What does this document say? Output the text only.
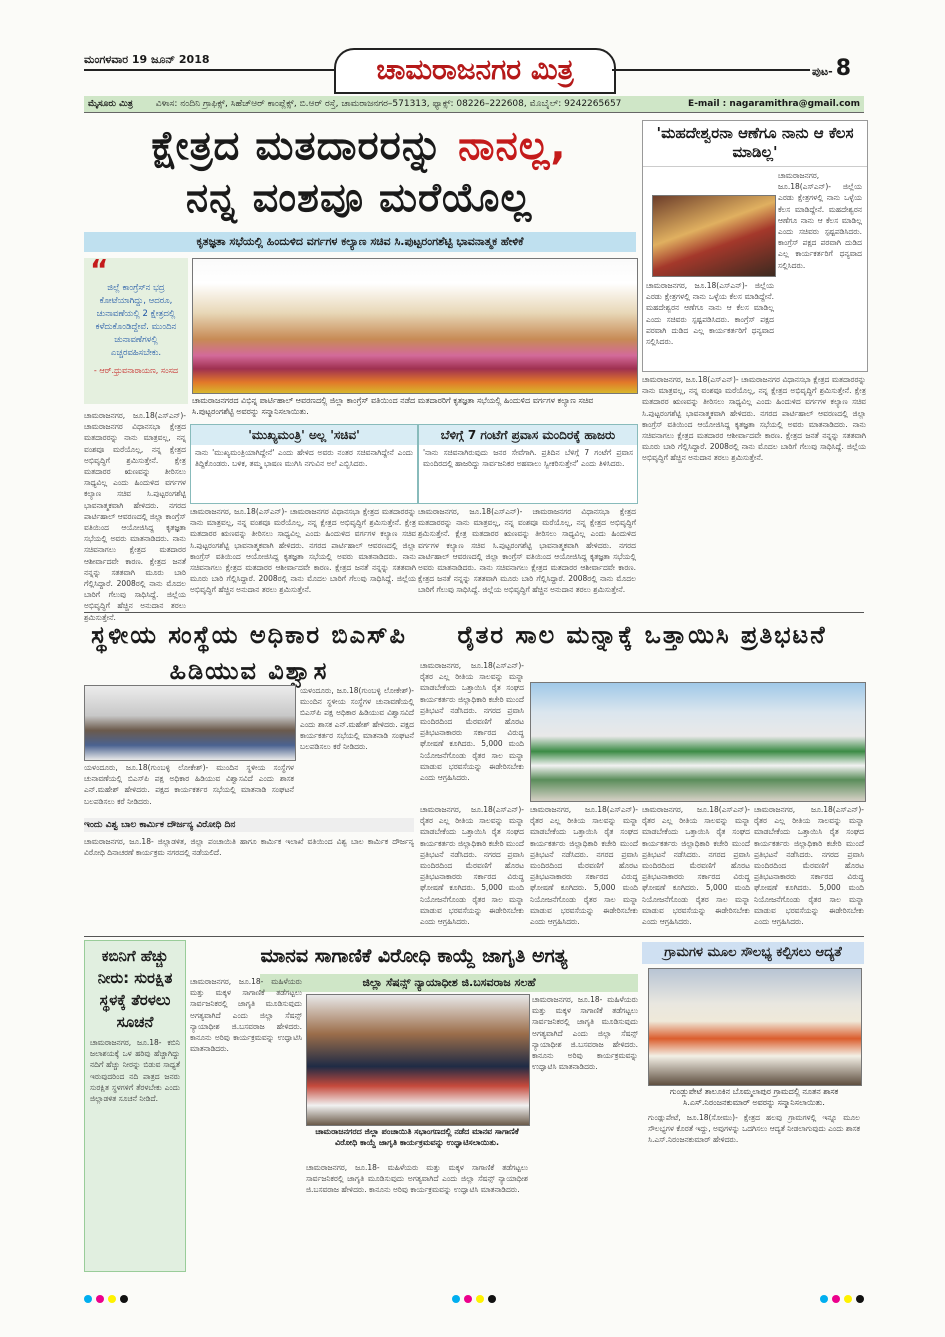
ಮಂಗಳವಾರ 19 ಜೂನ್ 2018	ಚಾಮರಾಜನಗರ ಮಿತ್ರ	ಪುಟ- 8
ಮೈಸೂರು ಮಿತ್ರ	ವಿಳಾಸ: ನಂದಿನಿ ಗ್ರಾಫಿಕ್ಸ್, ಸಿಹೆಚ್‌ಆರ್ ಕಾಂಪ್ಲೆಕ್ಸ್, ಬಿ.ಆರ್ ರಸ್ತೆ, ಚಾಮರಾಜನಗರ–571313, ಫ್ಯಾಕ್ಸ್: 08226–222608, ಮೊಬೈಲ್: 9242265657	E-mail : nagaramithra@gmail.com
ಕ್ಷೇತ್ರದ ಮತದಾರರನ್ನು ನಾನಲ್ಲ,
ನನ್ನ ವಂಶವೂ ಮರೆಯೊಲ್ಲ
ಕೃತಜ್ಞತಾ ಸಭೆಯಲ್ಲಿ ಹಿಂದುಳಿದ ವರ್ಗಗಳ ಕಲ್ಯಾಣ ಸಚಿವ ಸಿ.ಪುಟ್ಟರಂಗಶೆಟ್ಟಿ ಭಾವನಾತ್ಮಕ ಹೇಳಿಕೆ
“
ಜಿಲ್ಲೆ ಕಾಂಗ್ರೆಸ್‌ನ ಭದ್ರ ಕೋಟೆಯಾಗಿದ್ದು, ಆದರೂ, ಚುನಾವಣೆಯಲ್ಲಿ 2 ಕ್ಷೇತ್ರದಲ್ಲಿ ಕಳೆದುಕೊಂಡಿದ್ದೇವೆ. ಮುಂದಿನ ಚುನಾವಣೆಗಳಲ್ಲಿ ಎಚ್ಚರವಹಿಸಬೇಕು.
- ಆರ್.ಧ್ರುವನಾರಾಯಣ, ಸಂಸದ
ಚಾಮರಾಜನಗರದ ವಿಭಿನ್ನ ಪಾರ್ಟಿಹಾಲ್ ಆವರಣದಲ್ಲಿ ಜಿಲ್ಲಾ ಕಾಂಗ್ರೆಸ್ ವತಿಯಿಂದ ನಡೆದ ಮತದಾರರಿಗೆ ಕೃತಜ್ಞತಾ ಸಭೆಯಲ್ಲಿ ಹಿಂದುಳಿದ ವರ್ಗಗಳ ಕಲ್ಯಾಣ ಸಚಿವ ಸಿ.ಪುಟ್ಟರಂಗಶೆಟ್ಟಿ ಅವರನ್ನು ಸನ್ಮಾನಿಸಲಾಯಿತು.
ಚಾಮರಾಜನಗರ, ಜೂ.18(ಎಸ್‌ಎನ್)- ಚಾಮರಾಜನಗರ ವಿಧಾನಸಭಾ ಕ್ಷೇತ್ರದ ಮತದಾರರನ್ನು ನಾನು ಮಾತ್ರವಲ್ಲ, ನನ್ನ ವಂಶವೂ ಮರೆಯೊಲ್ಲ, ನನ್ನ ಕ್ಷೇತ್ರದ ಅಭಿವೃದ್ಧಿಗೆ ಶ್ರಮಿಸುತ್ತೇನೆ. ಕ್ಷೇತ್ರ ಮತದಾರರ ಋಣವನ್ನು ತೀರಿಸಲು ಸಾಧ್ಯವಿಲ್ಲ ಎಂದು ಹಿಂದುಳಿದ ವರ್ಗಗಳ ಕಲ್ಯಾಣ ಸಚಿವ ಸಿ.ಪುಟ್ಟರಂಗಶೆಟ್ಟಿ ಭಾವನಾತ್ಮಕವಾಗಿ ಹೇಳಿದರು. ನಗರದ ಪಾರ್ಟಿಹಾಲ್ ಆವರಣದಲ್ಲಿ ಜಿಲ್ಲಾ ಕಾಂಗ್ರೆಸ್ ವತಿಯಿಂದ ಆಯೋಜಿಸಿದ್ದ ಕೃತಜ್ಞತಾ ಸಭೆಯಲ್ಲಿ ಅವರು ಮಾತನಾಡಿದರು. ನಾನು ಸಚಿವನಾಗಲು ಕ್ಷೇತ್ರದ ಮತದಾರರ ಆಶೀರ್ವಾದವೇ ಕಾರಣ. ಕ್ಷೇತ್ರದ ಜನತೆ ನನ್ನನ್ನು ಸತತವಾಗಿ ಮೂರು ಬಾರಿ ಗೆಲ್ಲಿಸಿದ್ದಾರೆ. 2008ರಲ್ಲಿ ನಾನು ಮೊದಲ ಬಾರಿಗೆ ಗೆಲುವು ಸಾಧಿಸಿದ್ದೆ. ಜಿಲ್ಲೆಯ ಅಭಿವೃದ್ಧಿಗೆ ಹೆಚ್ಚಿನ ಅನುದಾನ ತರಲು ಶ್ರಮಿಸುತ್ತೇನೆ.
'ಮುಖ್ಯಮಂತ್ರಿ' ಅಲ್ಲ 'ಸಚಿವ'
ನಾನು 'ಮುಖ್ಯಮಂತ್ರಿಯಾಗಿದ್ದೇನೆ' ಎಂದು ಹೇಳಿದ ಅವರು ನಂತರ ಸಚಿವನಾಗಿದ್ದೇನೆ ಎಂದು ತಿದ್ದಿಕೊಂಡರು. ಬಳಿಕ, ತಮ್ಮ ಭಾಷಣ ಮುಗಿಸಿ ನಗುವಿನ ಅಲೆ ಎಬ್ಬಿಸಿದರು.
ಬೆಳಿಗ್ಗೆ 7 ಗಂಟೆಗೆ ಪ್ರವಾಸ ಮಂದಿರಕ್ಕೆ ಹಾಜರು
'ನಾನು ಸಚಿವನಾಗಿರುವುದು ಜನರ ಸೇವೆಗಾಗಿ. ಪ್ರತಿದಿನ ಬೆಳಿಗ್ಗೆ 7 ಗಂಟೆಗೆ ಪ್ರವಾಸ ಮಂದಿರದಲ್ಲಿ ಹಾಜರಿದ್ದು ಸಾರ್ವಜನಿಕರ ಅಹವಾಲು ಸ್ವೀಕರಿಸುತ್ತೇನೆ' ಎಂದು ತಿಳಿಸಿದರು.
ಚಾಮರಾಜನಗರ, ಜೂ.18(ಎಸ್‌ಎನ್)- ಚಾಮರಾಜನಗರ ವಿಧಾನಸಭಾ ಕ್ಷೇತ್ರದ ಮತದಾರರನ್ನು ನಾನು ಮಾತ್ರವಲ್ಲ, ನನ್ನ ವಂಶವೂ ಮರೆಯೊಲ್ಲ, ನನ್ನ ಕ್ಷೇತ್ರದ ಅಭಿವೃದ್ಧಿಗೆ ಶ್ರಮಿಸುತ್ತೇನೆ. ಕ್ಷೇತ್ರ ಮತದಾರರ ಋಣವನ್ನು ತೀರಿಸಲು ಸಾಧ್ಯವಿಲ್ಲ ಎಂದು ಹಿಂದುಳಿದ ವರ್ಗಗಳ ಕಲ್ಯಾಣ ಸಚಿವ ಸಿ.ಪುಟ್ಟರಂಗಶೆಟ್ಟಿ ಭಾವನಾತ್ಮಕವಾಗಿ ಹೇಳಿದರು. ನಗರದ ಪಾರ್ಟಿಹಾಲ್ ಆವರಣದಲ್ಲಿ ಜಿಲ್ಲಾ ಕಾಂಗ್ರೆಸ್ ವತಿಯಿಂದ ಆಯೋಜಿಸಿದ್ದ ಕೃತಜ್ಞತಾ ಸಭೆಯಲ್ಲಿ ಅವರು ಮಾತನಾಡಿದರು. ನಾನು ಸಚಿವನಾಗಲು ಕ್ಷೇತ್ರದ ಮತದಾರರ ಆಶೀರ್ವಾದವೇ ಕಾರಣ. ಕ್ಷೇತ್ರದ ಜನತೆ ನನ್ನನ್ನು ಸತತವಾಗಿ ಮೂರು ಬಾರಿ ಗೆಲ್ಲಿಸಿದ್ದಾರೆ. 2008ರಲ್ಲಿ ನಾನು ಮೊದಲ ಬಾರಿಗೆ ಗೆಲುವು ಸಾಧಿಸಿದ್ದೆ. ಜಿಲ್ಲೆಯ ಅಭಿವೃದ್ಧಿಗೆ ಹೆಚ್ಚಿನ ಅನುದಾನ ತರಲು ಶ್ರಮಿಸುತ್ತೇನೆ.
ಚಾಮರಾಜನಗರ, ಜೂ.18(ಎಸ್‌ಎನ್)- ಚಾಮರಾಜನಗರ ವಿಧಾನಸಭಾ ಕ್ಷೇತ್ರದ ಮತದಾರರನ್ನು ನಾನು ಮಾತ್ರವಲ್ಲ, ನನ್ನ ವಂಶವೂ ಮರೆಯೊಲ್ಲ, ನನ್ನ ಕ್ಷೇತ್ರದ ಅಭಿವೃದ್ಧಿಗೆ ಶ್ರಮಿಸುತ್ತೇನೆ. ಕ್ಷೇತ್ರ ಮತದಾರರ ಋಣವನ್ನು ತೀರಿಸಲು ಸಾಧ್ಯವಿಲ್ಲ ಎಂದು ಹಿಂದುಳಿದ ವರ್ಗಗಳ ಕಲ್ಯಾಣ ಸಚಿವ ಸಿ.ಪುಟ್ಟರಂಗಶೆಟ್ಟಿ ಭಾವನಾತ್ಮಕವಾಗಿ ಹೇಳಿದರು. ನಗರದ ಪಾರ್ಟಿಹಾಲ್ ಆವರಣದಲ್ಲಿ ಜಿಲ್ಲಾ ಕಾಂಗ್ರೆಸ್ ವತಿಯಿಂದ ಆಯೋಜಿಸಿದ್ದ ಕೃತಜ್ಞತಾ ಸಭೆಯಲ್ಲಿ ಅವರು ಮಾತನಾಡಿದರು. ನಾನು ಸಚಿವನಾಗಲು ಕ್ಷೇತ್ರದ ಮತದಾರರ ಆಶೀರ್ವಾದವೇ ಕಾರಣ. ಕ್ಷೇತ್ರದ ಜನತೆ ನನ್ನನ್ನು ಸತತವಾಗಿ ಮೂರು ಬಾರಿ ಗೆಲ್ಲಿಸಿದ್ದಾರೆ. 2008ರಲ್ಲಿ ನಾನು ಮೊದಲ ಬಾರಿಗೆ ಗೆಲುವು ಸಾಧಿಸಿದ್ದೆ. ಜಿಲ್ಲೆಯ ಅಭಿವೃದ್ಧಿಗೆ ಹೆಚ್ಚಿನ ಅನುದಾನ ತರಲು ಶ್ರಮಿಸುತ್ತೇನೆ.
'ಮಹದೇಶ್ವರನಾ ಆಣೆಗೂ ನಾನು ಆ ಕೆಲಸ ಮಾಡಿಲ್ಲ'
ಚಾಮರಾಜನಗರ, ಜೂ.18(ಎಸ್‌ಎನ್)- ಜಿಲ್ಲೆಯ ಎರಡು ಕ್ಷೇತ್ರಗಳಲ್ಲಿ ನಾನು ಒಳ್ಳೆಯ ಕೆಲಸ ಮಾಡಿದ್ದೇನೆ. ಮಹದೇಶ್ವರನ ಆಣೆಗೂ ನಾನು ಆ ಕೆಲಸ ಮಾಡಿಲ್ಲ ಎಂದು ಸಚಿವರು ಸ್ಪಷ್ಟಪಡಿಸಿದರು. ಕಾಂಗ್ರೆಸ್ ಪಕ್ಷದ ಪರವಾಗಿ ದುಡಿದ ಎಲ್ಲ ಕಾರ್ಯಕರ್ತರಿಗೆ ಧನ್ಯವಾದ ಸಲ್ಲಿಸಿದರು.
ಚಾಮರಾಜನಗರ, ಜೂ.18(ಎಸ್‌ಎನ್)- ಜಿಲ್ಲೆಯ ಎರಡು ಕ್ಷೇತ್ರಗಳಲ್ಲಿ ನಾನು ಒಳ್ಳೆಯ ಕೆಲಸ ಮಾಡಿದ್ದೇನೆ. ಮಹದೇಶ್ವರನ ಆಣೆಗೂ ನಾನು ಆ ಕೆಲಸ ಮಾಡಿಲ್ಲ ಎಂದು ಸಚಿವರು ಸ್ಪಷ್ಟಪಡಿಸಿದರು. ಕಾಂಗ್ರೆಸ್ ಪಕ್ಷದ ಪರವಾಗಿ ದುಡಿದ ಎಲ್ಲ ಕಾರ್ಯಕರ್ತರಿಗೆ ಧನ್ಯವಾದ ಸಲ್ಲಿಸಿದರು.
ಚಾಮರಾಜನಗರ, ಜೂ.18(ಎಸ್‌ಎನ್)- ಚಾಮರಾಜನಗರ ವಿಧಾನಸಭಾ ಕ್ಷೇತ್ರದ ಮತದಾರರನ್ನು ನಾನು ಮಾತ್ರವಲ್ಲ, ನನ್ನ ವಂಶವೂ ಮರೆಯೊಲ್ಲ, ನನ್ನ ಕ್ಷೇತ್ರದ ಅಭಿವೃದ್ಧಿಗೆ ಶ್ರಮಿಸುತ್ತೇನೆ. ಕ್ಷೇತ್ರ ಮತದಾರರ ಋಣವನ್ನು ತೀರಿಸಲು ಸಾಧ್ಯವಿಲ್ಲ ಎಂದು ಹಿಂದುಳಿದ ವರ್ಗಗಳ ಕಲ್ಯಾಣ ಸಚಿವ ಸಿ.ಪುಟ್ಟರಂಗಶೆಟ್ಟಿ ಭಾವನಾತ್ಮಕವಾಗಿ ಹೇಳಿದರು. ನಗರದ ಪಾರ್ಟಿಹಾಲ್ ಆವರಣದಲ್ಲಿ ಜಿಲ್ಲಾ ಕಾಂಗ್ರೆಸ್ ವತಿಯಿಂದ ಆಯೋಜಿಸಿದ್ದ ಕೃತಜ್ಞತಾ ಸಭೆಯಲ್ಲಿ ಅವರು ಮಾತನಾಡಿದರು. ನಾನು ಸಚಿವನಾಗಲು ಕ್ಷೇತ್ರದ ಮತದಾರರ ಆಶೀರ್ವಾದವೇ ಕಾರಣ. ಕ್ಷೇತ್ರದ ಜನತೆ ನನ್ನನ್ನು ಸತತವಾಗಿ ಮೂರು ಬಾರಿ ಗೆಲ್ಲಿಸಿದ್ದಾರೆ. 2008ರಲ್ಲಿ ನಾನು ಮೊದಲ ಬಾರಿಗೆ ಗೆಲುವು ಸಾಧಿಸಿದ್ದೆ. ಜಿಲ್ಲೆಯ ಅಭಿವೃದ್ಧಿಗೆ ಹೆಚ್ಚಿನ ಅನುದಾನ ತರಲು ಶ್ರಮಿಸುತ್ತೇನೆ.
ಸ್ಥಳೀಯ ಸಂಸ್ಥೆಯ ಅಧಿಕಾರ ಬಿಎಸ್‌ಪಿ ಹಿಡಿಯುವ ವಿಶ್ವಾಸ
ಯಳಂದೂರು, ಜೂ.18(ಗುಂಬಳ್ಳಿ ಲೋಕೇಶ್)- ಮುಂದಿನ ಸ್ಥಳೀಯ ಸಂಸ್ಥೆಗಳ ಚುನಾವಣೆಯಲ್ಲಿ ಬಿಎಸ್‌ಪಿ ಪಕ್ಷ ಅಧಿಕಾರ ಹಿಡಿಯುವ ವಿಶ್ವಾಸವಿದೆ ಎಂದು ಶಾಸಕ ಎನ್.ಮಹೇಶ್ ಹೇಳಿದರು. ಪಕ್ಷದ ಕಾರ್ಯಕರ್ತರ ಸಭೆಯಲ್ಲಿ ಮಾತನಾಡಿ ಸಂಘಟನೆ ಬಲಪಡಿಸಲು ಕರೆ ನೀಡಿದರು.
ಯಳಂದೂರು, ಜೂ.18(ಗುಂಬಳ್ಳಿ ಲೋಕೇಶ್)- ಮುಂದಿನ ಸ್ಥಳೀಯ ಸಂಸ್ಥೆಗಳ ಚುನಾವಣೆಯಲ್ಲಿ ಬಿಎಸ್‌ಪಿ ಪಕ್ಷ ಅಧಿಕಾರ ಹಿಡಿಯುವ ವಿಶ್ವಾಸವಿದೆ ಎಂದು ಶಾಸಕ ಎನ್.ಮಹೇಶ್ ಹೇಳಿದರು. ಪಕ್ಷದ ಕಾರ್ಯಕರ್ತರ ಸಭೆಯಲ್ಲಿ ಮಾತನಾಡಿ ಸಂಘಟನೆ ಬಲಪಡಿಸಲು ಕರೆ ನೀಡಿದರು.
ಇಂದು ವಿಶ್ವ ಬಾಲ ಕಾರ್ಮಿಕ ದೌರ್ಜನ್ಯ ವಿರೋಧಿ ದಿನ
ಚಾಮರಾಜನಗರ, ಜೂ.18- ಜಿಲ್ಲಾಡಳಿತ, ಜಿಲ್ಲಾ ಪಂಚಾಯಿತಿ ಹಾಗೂ ಕಾರ್ಮಿಕ ಇಲಾಖೆ ವತಿಯಿಂದ ವಿಶ್ವ ಬಾಲ ಕಾರ್ಮಿಕ ದೌರ್ಜನ್ಯ ವಿರೋಧಿ ದಿನಾಚರಣೆ ಕಾರ್ಯಕ್ರಮ ನಗರದಲ್ಲಿ ನಡೆಯಲಿದೆ.
ರೈತರ ಸಾಲ ಮನ್ನಾಕ್ಕೆ ಒತ್ತಾಯಿಸಿ ಪ್ರತಿಭಟನೆ
ಚಾಮರಾಜನಗರ, ಜೂ.18(ಎಸ್‌ಎನ್)- ರೈತರ ಎಲ್ಲ ರೀತಿಯ ಸಾಲವನ್ನು ಮನ್ನಾ ಮಾಡಬೇಕೆಂದು ಒತ್ತಾಯಿಸಿ ರೈತ ಸಂಘದ ಕಾರ್ಯಕರ್ತರು ಜಿಲ್ಲಾಧಿಕಾರಿ ಕಚೇರಿ ಮುಂದೆ ಪ್ರತಿಭಟನೆ ನಡೆಸಿದರು. ನಗರದ ಪ್ರವಾಸಿ ಮಂದಿರದಿಂದ ಮೆರವಣಿಗೆ ಹೊರಟ ಪ್ರತಿಭಟನಾಕಾರರು ಸರ್ಕಾರದ ವಿರುದ್ಧ ಘೋಷಣೆ ಕೂಗಿದರು. 5,000 ಮಂದಿ ನಿಯೋಜನೆಗೊಂಡು ರೈತರ ಸಾಲ ಮನ್ನಾ ಮಾಡುವ ಭರವಸೆಯನ್ನು ಈಡೇರಿಸಬೇಕು ಎಂದು ಆಗ್ರಹಿಸಿದರು.
ಚಾಮರಾಜನಗರ, ಜೂ.18(ಎಸ್‌ಎನ್)- ರೈತರ ಎಲ್ಲ ರೀತಿಯ ಸಾಲವನ್ನು ಮನ್ನಾ ಮಾಡಬೇಕೆಂದು ಒತ್ತಾಯಿಸಿ ರೈತ ಸಂಘದ ಕಾರ್ಯಕರ್ತರು ಜಿಲ್ಲಾಧಿಕಾರಿ ಕಚೇರಿ ಮುಂದೆ ಪ್ರತಿಭಟನೆ ನಡೆಸಿದರು. ನಗರದ ಪ್ರವಾಸಿ ಮಂದಿರದಿಂದ ಮೆರವಣಿಗೆ ಹೊರಟ ಪ್ರತಿಭಟನಾಕಾರರು ಸರ್ಕಾರದ ವಿರುದ್ಧ ಘೋಷಣೆ ಕೂಗಿದರು. 5,000 ಮಂದಿ ನಿಯೋಜನೆಗೊಂಡು ರೈತರ ಸಾಲ ಮನ್ನಾ ಮಾಡುವ ಭರವಸೆಯನ್ನು ಈಡೇರಿಸಬೇಕು ಎಂದು ಆಗ್ರಹಿಸಿದರು.
ಚಾಮರಾಜನಗರ, ಜೂ.18(ಎಸ್‌ಎನ್)- ರೈತರ ಎಲ್ಲ ರೀತಿಯ ಸಾಲವನ್ನು ಮನ್ನಾ ಮಾಡಬೇಕೆಂದು ಒತ್ತಾಯಿಸಿ ರೈತ ಸಂಘದ ಕಾರ್ಯಕರ್ತರು ಜಿಲ್ಲಾಧಿಕಾರಿ ಕಚೇರಿ ಮುಂದೆ ಪ್ರತಿಭಟನೆ ನಡೆಸಿದರು. ನಗರದ ಪ್ರವಾಸಿ ಮಂದಿರದಿಂದ ಮೆರವಣಿಗೆ ಹೊರಟ ಪ್ರತಿಭಟನಾಕಾರರು ಸರ್ಕಾರದ ವಿರುದ್ಧ ಘೋಷಣೆ ಕೂಗಿದರು. 5,000 ಮಂದಿ ನಿಯೋಜನೆಗೊಂಡು ರೈತರ ಸಾಲ ಮನ್ನಾ ಮಾಡುವ ಭರವಸೆಯನ್ನು ಈಡೇರಿಸಬೇಕು ಎಂದು ಆಗ್ರಹಿಸಿದರು.
ಚಾಮರಾಜನಗರ, ಜೂ.18(ಎಸ್‌ಎನ್)- ರೈತರ ಎಲ್ಲ ರೀತಿಯ ಸಾಲವನ್ನು ಮನ್ನಾ ಮಾಡಬೇಕೆಂದು ಒತ್ತಾಯಿಸಿ ರೈತ ಸಂಘದ ಕಾರ್ಯಕರ್ತರು ಜಿಲ್ಲಾಧಿಕಾರಿ ಕಚೇರಿ ಮುಂದೆ ಪ್ರತಿಭಟನೆ ನಡೆಸಿದರು. ನಗರದ ಪ್ರವಾಸಿ ಮಂದಿರದಿಂದ ಮೆರವಣಿಗೆ ಹೊರಟ ಪ್ರತಿಭಟನಾಕಾರರು ಸರ್ಕಾರದ ವಿರುದ್ಧ ಘೋಷಣೆ ಕೂಗಿದರು. 5,000 ಮಂದಿ ನಿಯೋಜನೆಗೊಂಡು ರೈತರ ಸಾಲ ಮನ್ನಾ ಮಾಡುವ ಭರವಸೆಯನ್ನು ಈಡೇರಿಸಬೇಕು ಎಂದು ಆಗ್ರಹಿಸಿದರು.
ಚಾಮರಾಜನಗರ, ಜೂ.18(ಎಸ್‌ಎನ್)- ರೈತರ ಎಲ್ಲ ರೀತಿಯ ಸಾಲವನ್ನು ಮನ್ನಾ ಮಾಡಬೇಕೆಂದು ಒತ್ತಾಯಿಸಿ ರೈತ ಸಂಘದ ಕಾರ್ಯಕರ್ತರು ಜಿಲ್ಲಾಧಿಕಾರಿ ಕಚೇರಿ ಮುಂದೆ ಪ್ರತಿಭಟನೆ ನಡೆಸಿದರು. ನಗರದ ಪ್ರವಾಸಿ ಮಂದಿರದಿಂದ ಮೆರವಣಿಗೆ ಹೊರಟ ಪ್ರತಿಭಟನಾಕಾರರು ಸರ್ಕಾರದ ವಿರುದ್ಧ ಘೋಷಣೆ ಕೂಗಿದರು. 5,000 ಮಂದಿ ನಿಯೋಜನೆಗೊಂಡು ರೈತರ ಸಾಲ ಮನ್ನಾ ಮಾಡುವ ಭರವಸೆಯನ್ನು ಈಡೇರಿಸಬೇಕು ಎಂದು ಆಗ್ರಹಿಸಿದರು.
ಕಬಿನಿಗೆ ಹೆಚ್ಚು ನೀರು: ಸುರಕ್ಷಿತ ಸ್ಥಳಕ್ಕೆ ತೆರಳಲು ಸೂಚನೆ
ಚಾಮರಾಜನಗರ, ಜೂ.18- ಕಬಿನಿ ಜಲಾಶಯಕ್ಕೆ ಒಳ ಹರಿವು ಹೆಚ್ಚಾಗಿದ್ದು ನದಿಗೆ ಹೆಚ್ಚು ನೀರನ್ನು ಬಿಡುವ ಸಾಧ್ಯತೆ ಇರುವುದರಿಂದ ನದಿ ಪಾತ್ರದ ಜನರು ಸುರಕ್ಷಿತ ಸ್ಥಳಗಳಿಗೆ ತೆರಳಬೇಕು ಎಂದು ಜಿಲ್ಲಾಡಳಿತ ಸೂಚನೆ ನೀಡಿದೆ.
ಮಾನವ ಸಾಗಾಣಿಕೆ ವಿರೋಧಿ ಕಾಯ್ದೆ ಜಾಗೃತಿ ಅಗತ್ಯ
ಜಿಲ್ಲಾ ಸೆಷನ್ಸ್ ನ್ಯಾಯಾಧೀಶ ಜಿ.ಬಸವರಾಜ ಸಲಹೆ
ಚಾಮರಾಜನಗರ, ಜೂ.18- ಮಹಿಳೆಯರು ಮತ್ತು ಮಕ್ಕಳ ಸಾಗಾಣಿಕೆ ತಡೆಗಟ್ಟಲು ಸಾರ್ವಜನಿಕರಲ್ಲಿ ಜಾಗೃತಿ ಮೂಡಿಸುವುದು ಅಗತ್ಯವಾಗಿದೆ ಎಂದು ಜಿಲ್ಲಾ ಸೆಷನ್ಸ್ ನ್ಯಾಯಾಧೀಶ ಜಿ.ಬಸವರಾಜ ಹೇಳಿದರು. ಕಾನೂನು ಅರಿವು ಕಾರ್ಯಕ್ರಮವನ್ನು ಉದ್ಘಾಟಿಸಿ ಮಾತನಾಡಿದರು.
ಚಾಮರಾಜನಗರದ ಜಿಲ್ಲಾ ಪಂಚಾಯಿತಿ ಸಭಾಂಗಣದಲ್ಲಿ ನಡೆದ ಮಾನವ ಸಾಗಾಣಿಕೆ ವಿರೋಧಿ ಕಾಯ್ದೆ ಜಾಗೃತಿ ಕಾರ್ಯಕ್ರಮವನ್ನು ಉದ್ಘಾಟಿಸಲಾಯಿತು.
ಚಾಮರಾಜನಗರ, ಜೂ.18- ಮಹಿಳೆಯರು ಮತ್ತು ಮಕ್ಕಳ ಸಾಗಾಣಿಕೆ ತಡೆಗಟ್ಟಲು ಸಾರ್ವಜನಿಕರಲ್ಲಿ ಜಾಗೃತಿ ಮೂಡಿಸುವುದು ಅಗತ್ಯವಾಗಿದೆ ಎಂದು ಜಿಲ್ಲಾ ಸೆಷನ್ಸ್ ನ್ಯಾಯಾಧೀಶ ಜಿ.ಬಸವರಾಜ ಹೇಳಿದರು. ಕಾನೂನು ಅರಿವು ಕಾರ್ಯಕ್ರಮವನ್ನು ಉದ್ಘಾಟಿಸಿ ಮಾತನಾಡಿದರು.
ಚಾಮರಾಜನಗರ, ಜೂ.18- ಮಹಿಳೆಯರು ಮತ್ತು ಮಕ್ಕಳ ಸಾಗಾಣಿಕೆ ತಡೆಗಟ್ಟಲು ಸಾರ್ವಜನಿಕರಲ್ಲಿ ಜಾಗೃತಿ ಮೂಡಿಸುವುದು ಅಗತ್ಯವಾಗಿದೆ ಎಂದು ಜಿಲ್ಲಾ ಸೆಷನ್ಸ್ ನ್ಯಾಯಾಧೀಶ ಜಿ.ಬಸವರಾಜ ಹೇಳಿದರು. ಕಾನೂನು ಅರಿವು ಕಾರ್ಯಕ್ರಮವನ್ನು ಉದ್ಘಾಟಿಸಿ ಮಾತನಾಡಿದರು.
ಗ್ರಾಮಗಳ ಮೂಲ ಸೌಲಭ್ಯ ಕಲ್ಪಿಸಲು ಆದ್ಯತೆ
ಗುಂಡ್ಲುಪೇಟೆ ತಾಲೂಕಿನ ಬೊಮ್ಮಲಾಪುರ ಗ್ರಾಮದಲ್ಲಿ ನೂತನ ಶಾಸಕ ಸಿ.ಎಸ್.ನಿರಂಜನಕುಮಾರ್ ಅವರನ್ನು ಸನ್ಮಾನಿಸಲಾಯಿತು.
ಗುಂಡ್ಲುಪೇಟೆ, ಜೂ.18(ಸೋಮು)- ಕ್ಷೇತ್ರದ ಹಲವು ಗ್ರಾಮಗಳಲ್ಲಿ ಇನ್ನೂ ಮೂಲ ಸೌಲಭ್ಯಗಳ ಕೊರತೆ ಇದ್ದು, ಅವುಗಳನ್ನು ಒದಗಿಸಲು ಆದ್ಯತೆ ನೀಡಲಾಗುವುದು ಎಂದು ಶಾಸಕ ಸಿ.ಎಸ್.ನಿರಂಜನಕುಮಾರ್ ಹೇಳಿದರು.
